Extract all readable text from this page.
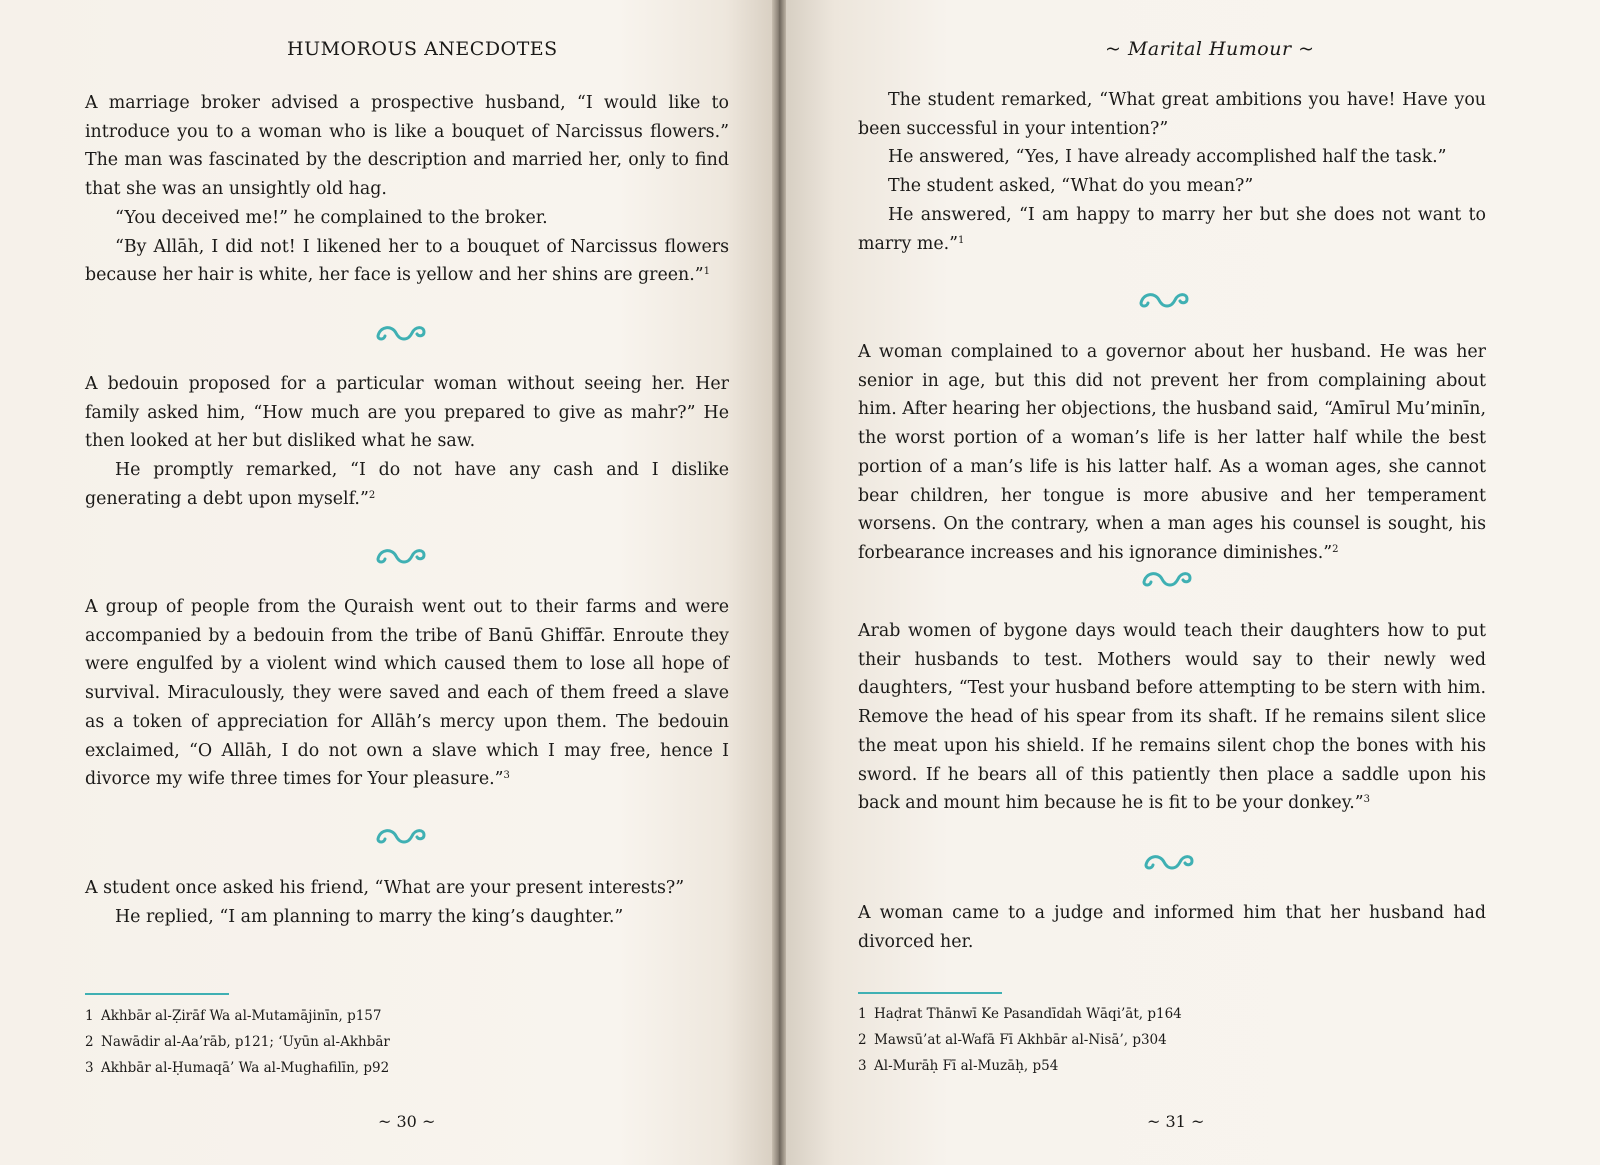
HUMOROUS ANECDOTES

A marriage broker advised a prospective husband, “I would like to introduce you to a woman who is like a bouquet of Narcissus flowers.” The man was fascinated by the description and married her, only to find that she was an unsightly old hag.

“You deceived me!” he complained to the broker.

“By Allāh, I did not! I likened her to a bouquet of Narcissus flowers because her hair is white, her face is yellow and her shins are green.”$^1$

A bedouin proposed for a particular woman without seeing her. Her family asked him, “How much are you prepared to give as mahr?” He then looked at her but disliked what he saw.

He promptly remarked, “I do not have any cash and I dislike generating a debt upon myself.”$^2$

A group of people from the Quraish went out to their farms and were accompanied by a bedouin from the tribe of Banū Ghiffār. Enroute they were engulfed by a violent wind which caused them to lose all hope of survival. Miraculously, they were saved and each of them freed a slave as a token of appreciation for Allāh’s mercy upon them. The bedouin exclaimed, “O Allāh, I do not own a slave which I may free, hence I divorce my wife three times for Your pleasure.”$^3$

A student once asked his friend, “What are your present interests?”

He replied, “I am planning to marry the king’s daughter.”

1 Akhbār al-Ẓirāf Wa al-Mutamājinīn, p157
2 Nawādir al-Aa’rāb, p121; ‘Uyūn al-Akhbār
3 Akhbār al-Ḥumaqā’ Wa al-Mughafilīn, p92
~ 30 ~
~ Marital Humour ~

The student remarked, “What great ambitions you have! Have you been successful in your intention?”

He answered, “Yes, I have already accomplished half the task.”

The student asked, “What do you mean?”

He answered, “I am happy to marry her but she does not want to marry me.”$^1$

A woman complained to a governor about her husband. He was her senior in age, but this did not prevent her from complaining about him. After hearing her objections, the husband said, “Amīrul Mu’minīn, the worst portion of a woman’s life is her latter half while the best portion of a man’s life is his latter half. As a woman ages, she cannot bear children, her tongue is more abusive and her temperament worsens. On the contrary, when a man ages his counsel is sought, his forbearance increases and his ignorance diminishes.”$^2$

Arab women of bygone days would teach their daughters how to put their husbands to test. Mothers would say to their newly wed daughters, “Test your husband before attempting to be stern with him. Remove the head of his spear from its shaft. If he remains silent slice the meat upon his shield. If he remains silent chop the bones with his sword. If he bears all of this patiently then place a saddle upon his back and mount him because he is fit to be your donkey.”$^3$

A woman came to a judge and informed him that her husband had divorced her.

1 Haḍrat Thānwī Ke Pasandīdah Wāqi’āt, p164
2 Mawsū’at al-Wafā Fī Akhbār al-Nisā’, p304
3 Al-Murāḥ Fī al-Muzāḥ, p54
~ 31 ~
